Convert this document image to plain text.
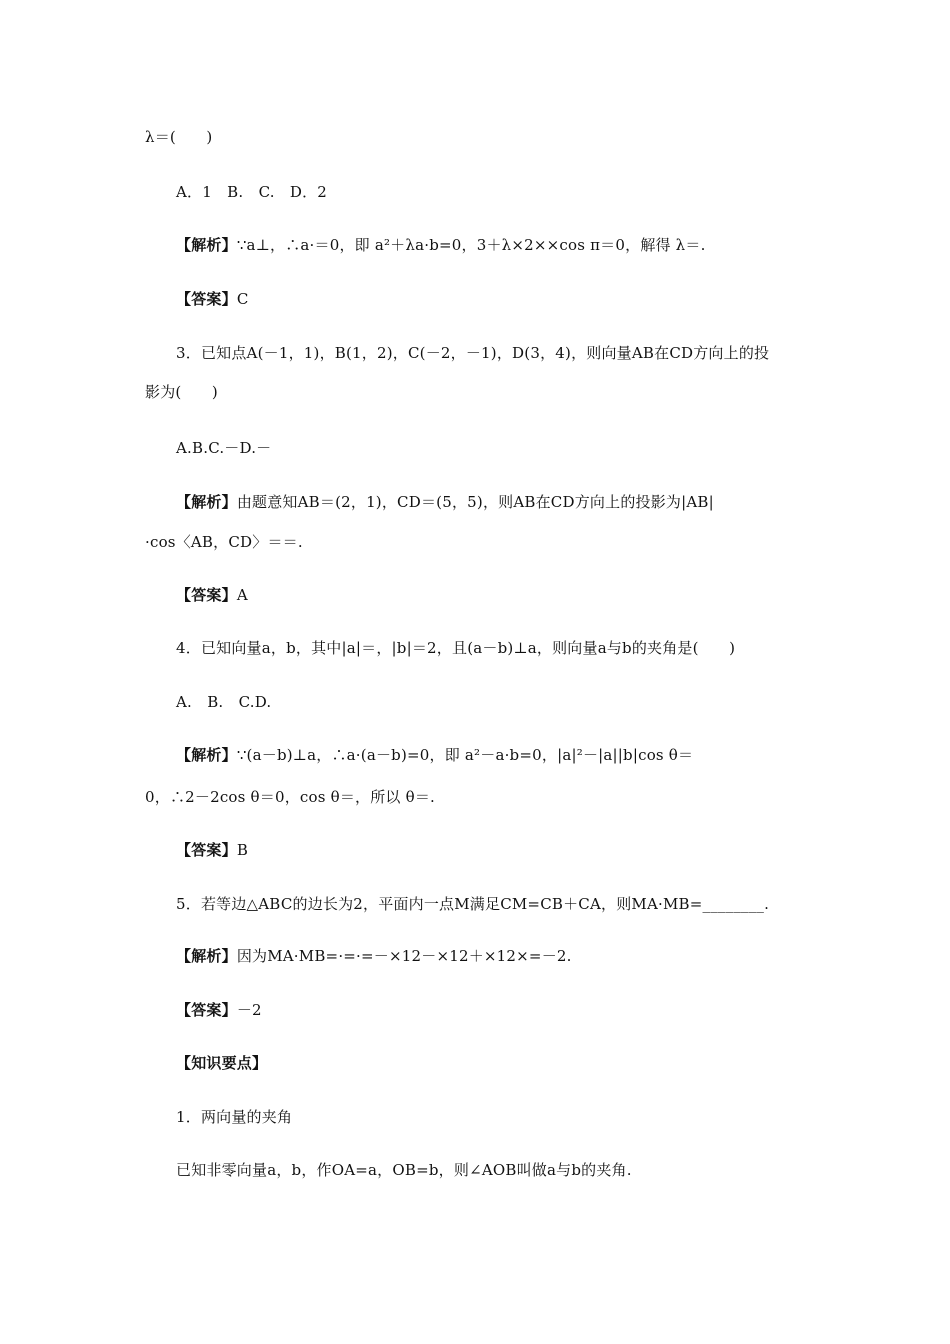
λ＝(　　)
A．1　B.　C.　D．2
【解析】∵a⊥，∴a·＝0，即 a²＋λa·b=0，3＋λ×2××cos π＝0，解得 λ＝.
【答案】C
3．已知点A(－1，1)，B(1，2)，C(－2，－1)，D(3，4)，则向量AB在CD方向上的投
影为(　　)
A.B.C.－D.－
【解析】由题意知AB＝(2，1)，CD＝(5，5)，则AB在CD方向上的投影为|AB|
·cos〈AB，CD〉＝＝.
【答案】A
4．已知向量a，b，其中|a|＝，|b|＝2，且(a－b)⊥a，则向量a与b的夹角是(　　)
A.　B.　C.D.
【解析】∵(a－b)⊥a，∴a·(a－b)=0，即 a²－a·b=0，|a|²－|a||b|cos θ＝
0，∴2－2cos θ＝0，cos θ＝，所以 θ＝.
【答案】B
5．若等边△ABC的边长为2，平面内一点M满足CM=CB＋CA，则MA·MB=________.
【解析】因为MA·MB=·=·=－×12－×12＋×12×=－2.
【答案】－2
【知识要点】
1．两向量的夹角
已知非零向量a，b，作OA=a，OB=b，则∠AOB叫做a与b的夹角.
